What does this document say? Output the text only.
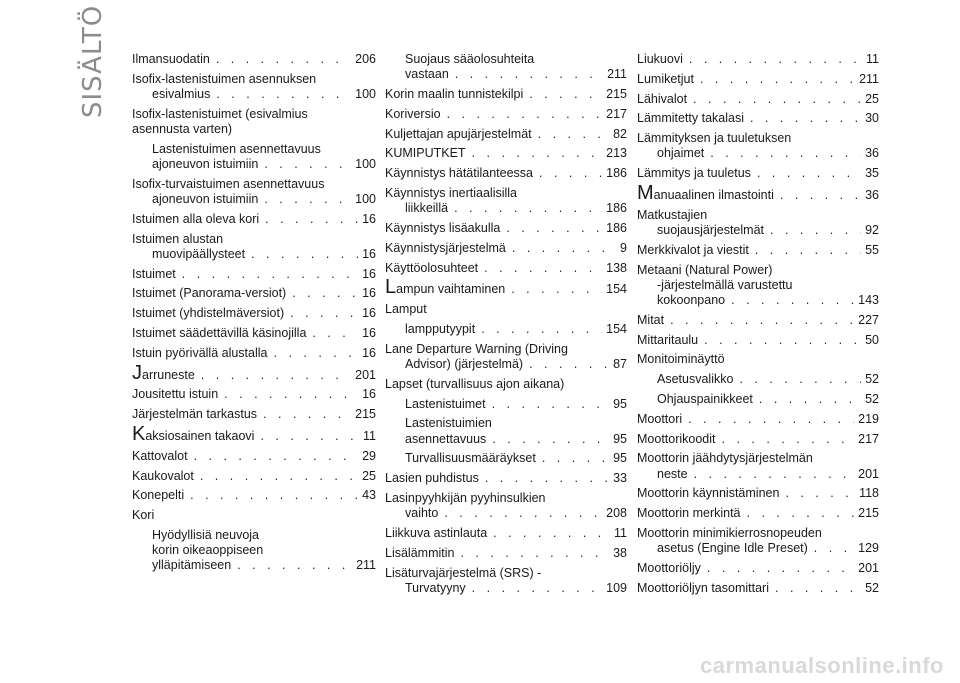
SISÄLTÖ Ilmansuodatin . . .	206
Isofix-lastenistuimen asennuksen
esivalmius . . .	100
Isofix-lastenistuimet (esivalmius
asennusta varten)
Lastenistuimen asennettavuus
ajoneuvon istuimiin . . .	100
Isofix-turvaistuimen asennettavuus
ajoneuvon istuimiin . . .	100
Istuimen alla oleva kori . . .	16
Istuimen alustan
muovipäällysteet . . .	16
Istuimet . . .	16
Istuimet (Panorama-versiot) . . .	16
Istuimet (yhdistelmäversiot) . . .	16
Istuimet säädettävillä käsinojilla . . .	16
Istuin pyörivällä alustalla . . .	16
J arruneste . . .	201
Jousitettu istuin . . .	16
Järjestelmän tarkastus . . .	215
K aksiosainen takaovi . . .	11
Kattovalot . . .	29
Kaukovalot . . .	25
Konepelti . . .	43
Kori
Hyödyllisiä neuvoja
korin oikeaoppiseen
ylläpitämiseen . . .	211
Suojaus sääolosuhteita
vastaan . . .	211
Korin maalin tunnistekilpi . . .	215
Koriversio . . .	217
Kuljettajan apujärjestelmät . . .	82
KUMIPUTKET . . .	213
Käynnistys hätätilanteessa . . .	186
Käynnistys inertiaalisilla
liikkeillä . . .	186
Käynnistys lisäakulla . . .	186
Käynnistysjärjestelmä . . .	9
Käyttöolosuhteet . . .	138
L ampun vaihtaminen . . .	154
Lamput
lampputyypit . . .	154
Lane Departure Warning (Driving
Advisor) (järjestelmä) . . .	87
Lapset (turvallisuus ajon aikana)
Lastenistuimet . . .	95
Lastenistuimien
asennettavuus . . .	95
Turvallisuusmääräykset . . .	95
Lasien puhdistus . . .	33
Lasinpyyhkijän pyyhinsulkien
vaihto . . .	208
Liikkuva astinlauta . . .	11
Lisälämmitin . . .	38
Lisäturvajärjestelmä (SRS) -
Turvatyyny . . .	109
Liukuovi . . .	11
Lumiketjut . . .	211
Lähivalot . . .	25
Lämmitetty takalasi . . .	30
Lämmityksen ja tuuletuksen
ohjaimet . . .	36
Lämmitys ja tuuletus . . .	35
M anuaalinen ilmastointi . . .	36
Matkustajien
suojausjärjestelmät . . .	92
Merkkivalot ja viestit . . .	55
Metaani (Natural Power)
-järjestelmällä varustettu
kokoonpano . . .	143
Mitat . . .	227
Mittaritaulu . . .	50
Monitoiminäyttö
Asetusvalikko . . .	52
Ohjauspainikkeet . . .	52
Moottori . . .	219
Moottorikoodit . . .	217
Moottorin jäähdytysjärjestelmän
neste . . .	201
Moottorin käynnistäminen . . .	118
Moottorin merkintä . . .	215
Moottorin minimikierrosnopeuden
asetus (Engine Idle Preset) . . .	129
Moottoriöljy . . .	201
Moottoriöljyn tasomittari . . .	52
carmanualsonline.info
